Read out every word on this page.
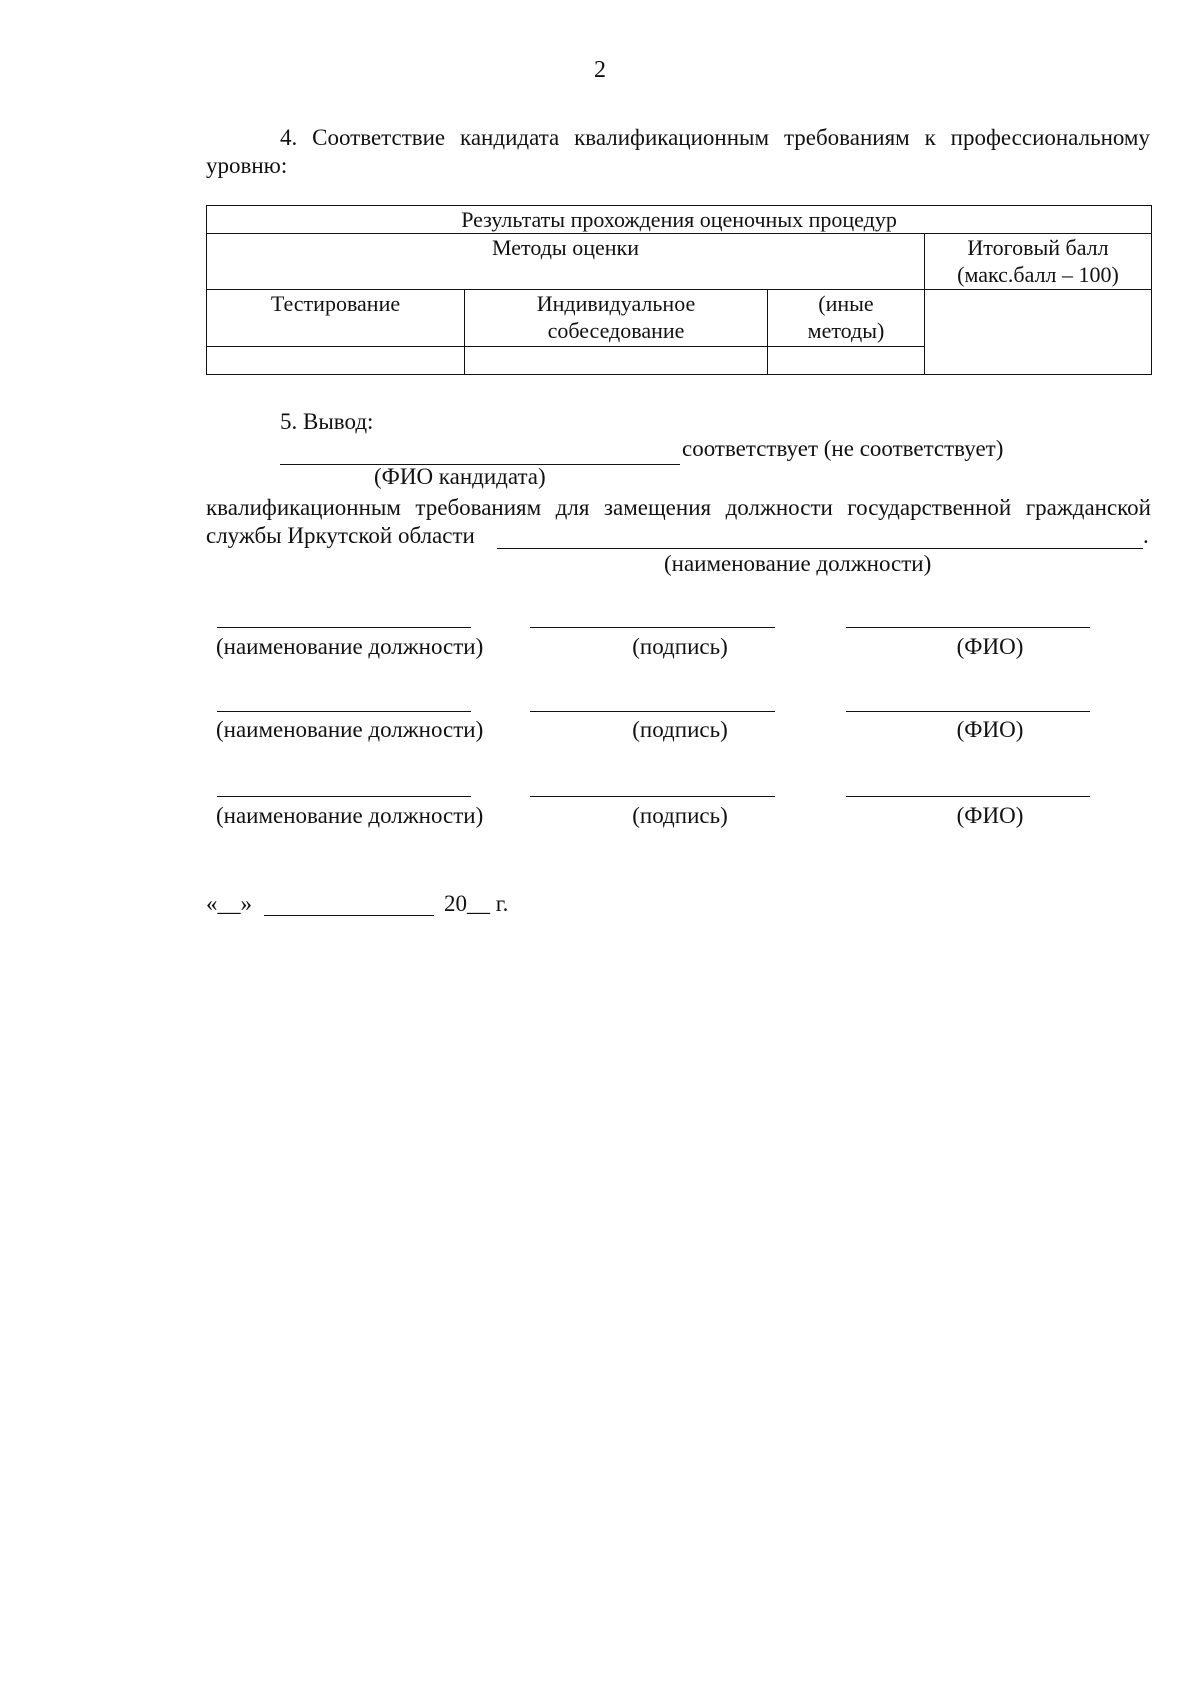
2
4. Соответствие кандидата квалификационным требованиям к профессиональному уровню:
Результаты прохождения оценочных процедур			
Методы оценки			Итоговый балл (макс.балл – 100)

Тестирование	Индивидуальное собеседование	(иные методы)	

5. Вывод:
соответствует (не соответствует)
(ФИО кандидата)
квалификационным требованиям для замещения должности государственной гражданской
службы Иркутской области	.
(наименование должности)
(наименование должности)	(подпись)	(ФИО)
(наименование должности)	(подпись)	(ФИО)
(наименование должности)	(подпись)	(ФИО)
«__»	20__ г.
